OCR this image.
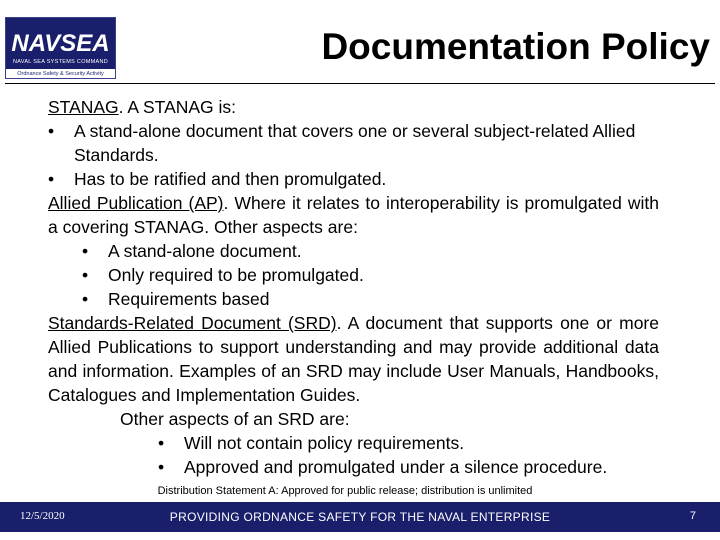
NAVSEA
NAVAL SEA SYSTEMS COMMAND
Ordnance Safety & Security Activity
Documentation Policy

STANAG. A STANAG is:

•	A stand-alone document that covers one or several subject-related Allied Standards.
•	Has to be ratified and then promulgated.

Allied Publication (AP). Where it relates to interoperability is promulgated with a covering STANAG. Other aspects are:

•	A stand-alone document.
•	Only required to be promulgated.
•	Requirements based

Standards-Related Document (SRD). A document that supports one or more Allied Publications to support understanding and may provide additional data and information. Examples of an SRD may include User Manuals, Handbooks, Catalogues and Implementation Guides.

Other aspects of an SRD are:

•	Will not contain policy requirements.
•	Approved and promulgated under a silence procedure.
Distribution Statement A: Approved for public release; distribution is unlimited
12/5/2020	PROVIDING ORDNANCE SAFETY FOR THE NAVAL ENTERPRISE	7
